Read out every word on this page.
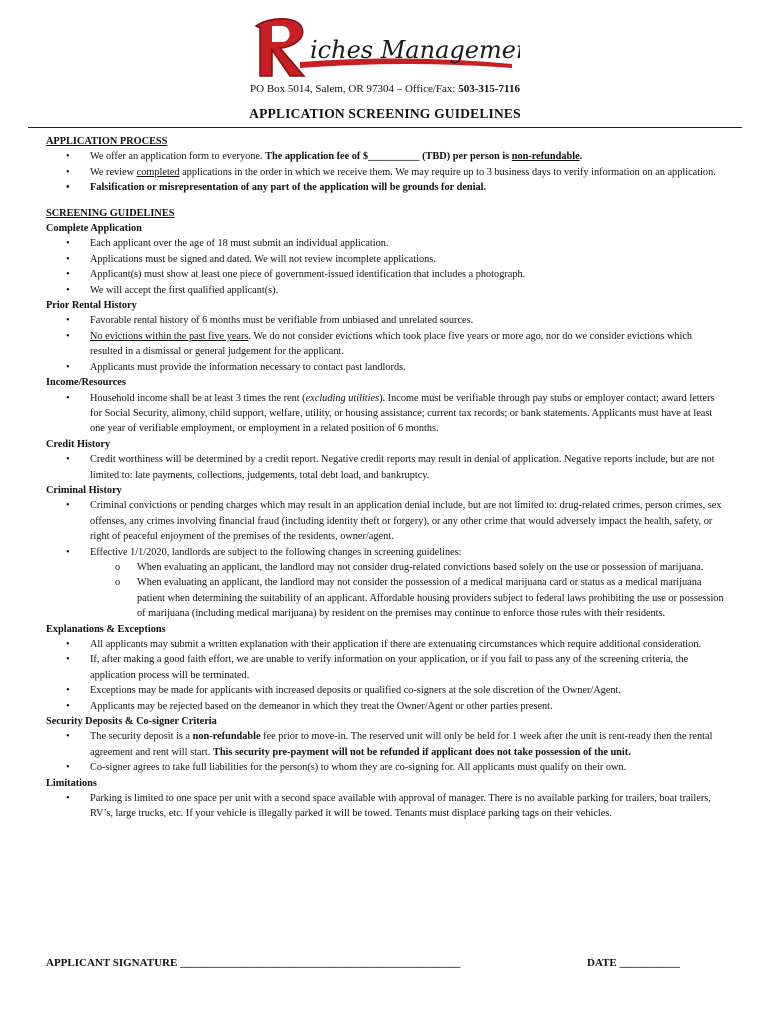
iches Management
PO Box 5014, Salem, OR 97304 – Office/Fax: 503-315-7116
APPLICATION SCREENING GUIDELINES
APPLICATION PROCESS
• We offer an application form to everyone. The application fee of $__________ (TBD) per person is non-refundable.
• We review completed applications in the order in which we receive them. We may require up to 3 business days to verify information on an application.
• Falsification or misrepresentation of any part of the application will be grounds for denial.
SCREENING GUIDELINES
Complete Application
• Each applicant over the age of 18 must submit an individual application.
• Applications must be signed and dated. We will not review incomplete applications.
• Applicant(s) must show at least one piece of government-issued identification that includes a photograph.
• We will accept the first qualified applicant(s).
Prior Rental History
• Favorable rental history of 6 months must be verifiable from unbiased and unrelated sources.
• No evictions within the past five years. We do not consider evictions which took place five years or more ago, nor do we consider evictions which resulted in a dismissal or general judgement for the applicant.
• Applicants must provide the information necessary to contact past landlords.
Income/Resources
• Household income shall be at least 3 times the rent (excluding utilities). Income must be verifiable through pay stubs or employer contact; award letters for Social Security, alimony, child support, welfare, utility, or housing assistance; current tax records; or bank statements. Applicants must have at least one year of verifiable employment, or employment in a related position of 6 months.
Credit History
• Credit worthiness will be determined by a credit report. Negative credit reports may result in denial of application. Negative reports include, but are not limited to: late payments, collections, judgements, total debt load, and bankruptcy.
Criminal History
• Criminal convictions or pending charges which may result in an application denial include, but are not limited to: drug-related crimes, person crimes, sex offenses, any crimes involving financial fraud (including identity theft or forgery), or any other crime that would adversely impact the health, safety, or right of peaceful enjoyment of the premises of the residents, owner/agent.
• Effective 1/1/2020, landlords are subject to the following changes in screening guidelines:
o When evaluating an applicant, the landlord may not consider drug-related convictions based solely on the use or possession of marijuana.
o When evaluating an applicant, the landlord may not consider the possession of a medical marijuana card or status as a medical marijuana patient when determining the suitability of an applicant. Affordable housing providers subject to federal laws prohibiting the use or possession of marijuana (including medical marijuana) by resident on the premises may continue to enforce those rules with their residents.
Explanations & Exceptions
• All applicants may submit a written explanation with their application if there are extenuating circumstances which require additional consideration.
• If, after making a good faith effort, we are unable to verify information on your application, or if you fail to pass any of the screening criteria, the application process will be terminated.
• Exceptions may be made for applicants with increased deposits or qualified co-signers at the sole discretion of the Owner/Agent.
• Applicants may be rejected based on the demeanor in which they treat the Owner/Agent or other parties present.
Security Deposits & Co-signer Criteria
• The security deposit is a non-refundable fee prior to move-in. The reserved unit will only be held for 1 week after the unit is rent-ready then the rental agreement and rent will start. This security pre-payment will not be refunded if applicant does not take possession of the unit.
• Co-signer agrees to take full liabilities for the person(s) to whom they are co-signing for. All applicants must qualify on their own.
Limitations
• Parking is limited to one space per unit with a second space available with approval of manager. There is no available parking for trailers, boat trailers, RV’s, large trucks, etc. If your vehicle is illegally parked it will be towed. Tenants must displace parking tags on their vehicles.
APPLICANT SIGNATURE ___________________________________________________	DATE ___________
